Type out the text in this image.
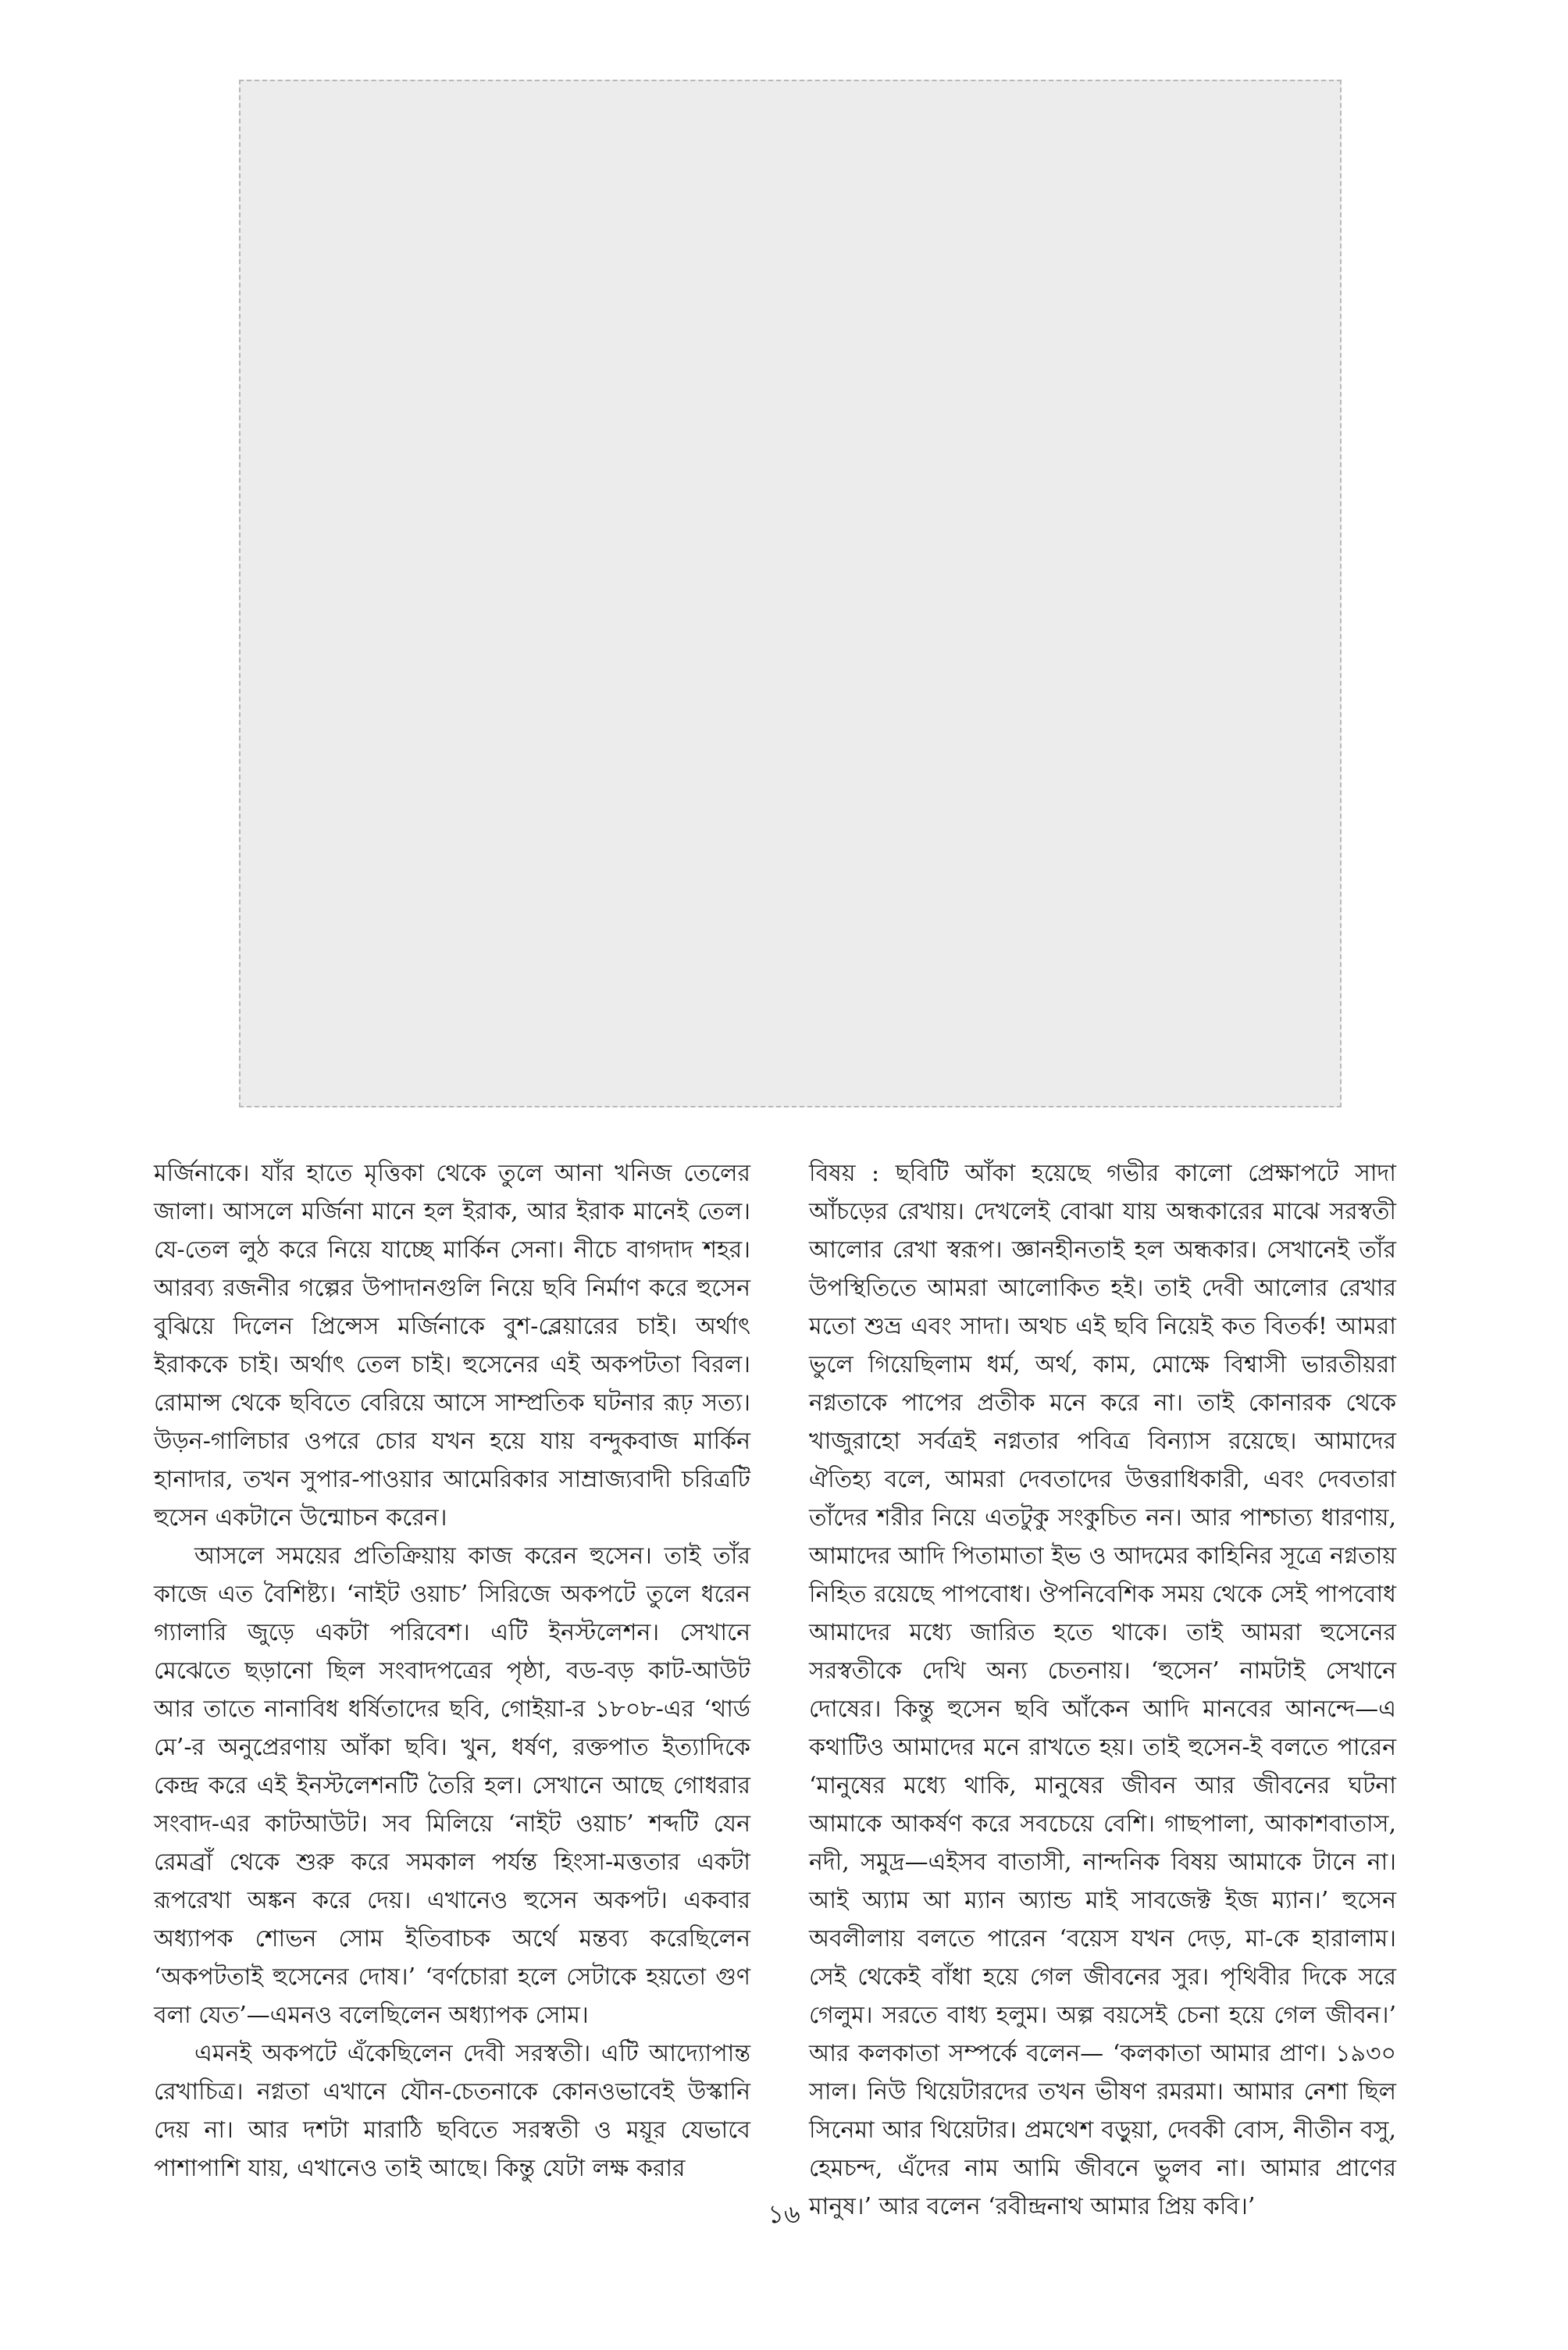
মর্জিনাকে। যাঁর হাতে মৃত্তিকা থেকে তুলে আনা খনিজ তেলের জালা। আসলে মর্জিনা মানে হল ইরাক, আর ইরাক মানেই তেল। যে-তেল লুঠ করে নিয়ে যাচ্ছে মার্কিন সেনা। নীচে বাগদাদ শহর। আরব্য রজনীর গল্পের উপাদানগুলি নিয়ে ছবি নির্মাণ করে হুসেন বুঝিয়ে দিলেন প্রিন্সেস মর্জিনাকে বুশ-ব্লেয়ারের চাই। অর্থাৎ ইরাককে চাই। অর্থাৎ তেল চাই। হুসেনের এই অকপটতা বিরল। রোমান্স থেকে ছবিতে বেরিয়ে আসে সাম্প্রতিক ঘটনার রূঢ় সত্য। উড়ন-গালিচার ওপরে চোর যখন হয়ে যায় বন্দুকবাজ মার্কিন হানাদার, তখন সুপার-পাওয়ার আমেরিকার সাম্রাজ্যবাদী চরিত্রটি হুসেন একটানে উন্মোচন করেন।

আসলে সময়ের প্রতিক্রিয়ায় কাজ করেন হুসেন। তাই তাঁর কাজে এত বৈশিষ্ট্য। ‘নাইট ওয়াচ’ সিরিজে অকপটে তুলে ধরেন গ্যালারি জুড়ে একটা পরিবেশ। এটি ইনস্টলেশন। সেখানে মেঝেতে ছড়ানো ছিল সংবাদপত্রের পৃষ্ঠা, বড-বড় কাট-আউট আর তাতে নানাবিধ ধর্ষিতাদের ছবি, গোইয়া-র ১৮০৮-এর ‘থার্ড মে’-র অনুপ্রেরণায় আঁকা ছবি। খুন, ধর্ষণ, রক্তপাত ইত্যাদিকে কেন্দ্র করে এই ইনস্টলেশনটি তৈরি হল। সেখানে আছে গোধরার সংবাদ-এর কাটআউট। সব মিলিয়ে ‘নাইট ওয়াচ’ শব্দটি যেন রেমব্রাঁ থেকে শুরু করে সমকাল পর্যন্ত হিংসা-মত্ততার একটা রূপরেখা অঙ্কন করে দেয়। এখানেও হুসেন অকপট। একবার অধ্যাপক শোভন সোম ইতিবাচক অর্থে মন্তব্য করেছিলেন ‘অকপটতাই হুসেনের দোষ।’ ‘বর্ণচোরা হলে সেটাকে হয়তো গুণ বলা যেত’—এমনও বলেছিলেন অধ্যাপক সোম।

এমনই অকপটে এঁকেছিলেন দেবী সরস্বতী। এটি আদ্যোপান্ত রেখাচিত্র। নগ্নতা এখানে যৌন-চেতনাকে কোনওভাবেই উস্কানি দেয় না। আর দশটা মারাঠি ছবিতে সরস্বতী ও ময়ূর যেভাবে পাশাপাশি যায়, এখানেও তাই আছে। কিন্তু যেটা লক্ষ করার

বিষয় : ছবিটি আঁকা হয়েছে গভীর কালো প্রেক্ষাপটে সাদা আঁচড়ের রেখায়। দেখলেই বোঝা যায় অন্ধকারের মাঝে সরস্বতী আলোর রেখা স্বরূপ। জ্ঞানহীনতাই হল অন্ধকার। সেখানেই তাঁর উপস্থিতিতে আমরা আলোকিত হই। তাই দেবী আলোর রেখার মতো শুভ্র এবং সাদা। অথচ এই ছবি নিয়েই কত বিতর্ক! আমরা ভুলে গিয়েছিলাম ধর্ম, অর্থ, কাম, মোক্ষে বিশ্বাসী ভারতীয়রা নগ্নতাকে পাপের প্রতীক মনে করে না। তাই কোনারক থেকে খাজুরাহো সর্বত্রই নগ্নতার পবিত্র বিন্যাস রয়েছে। আমাদের ঐতিহ্য বলে, আমরা দেবতাদের উত্তরাধিকারী, এবং দেবতারা তাঁদের শরীর নিয়ে এতটুকু সংকুচিত নন। আর পাশ্চাত্য ধারণায়, আমাদের আদি পিতামাতা ইভ ও আদমের কাহিনির সূত্রে নগ্নতায় নিহিত রয়েছে পাপবোধ। ঔপনিবেশিক সময় থেকে সেই পাপবোধ আমাদের মধ্যে জারিত হতে থাকে। তাই আমরা হুসেনের সরস্বতীকে দেখি অন্য চেতনায়। ‘হুসেন’ নামটাই সেখানে দোষের। কিন্তু হুসেন ছবি আঁকেন আদি মানবের আনন্দে—এ কথাটিও আমাদের মনে রাখতে হয়। তাই হুসেন-ই বলতে পারেন ‘মানুষের মধ্যে থাকি, মানুষের জীবন আর জীবনের ঘটনা আমাকে আকর্ষণ করে সবচেয়ে বেশি। গাছপালা, আকাশবাতাস, নদী, সমুদ্র—এইসব বাতাসী, নান্দনিক বিষয় আমাকে টানে না। আই অ্যাম আ ম্যান অ্যান্ড মাই সাবজেক্ট ইজ ম্যান।’ হুসেন অবলীলায় বলতে পারেন ‘বয়েস যখন দেড়, মা-কে হারালাম। সেই থেকেই বাঁধা হয়ে গেল জীবনের সুর। পৃথিবীর দিকে সরে গেলুম। সরতে বাধ্য হলুম। অল্প বয়সেই চেনা হয়ে গেল জীবন।’ আর কলকাতা সম্পর্কে বলেন— ‘কলকাতা আমার প্রাণ। ১৯৩০ সাল। নিউ থিয়েটারদের তখন ভীষণ রমরমা। আমার নেশা ছিল সিনেমা আর থিয়েটার। প্রমথেশ বড়ুয়া, দেবকী বোস, নীতীন বসু, হেমচন্দ, এঁদের নাম আমি জীবনে ভুলব না। আমার প্রাণের মানুষ।’ আর বলেন ‘রবীন্দ্রনাথ আমার প্রিয় কবি।’

১৬
